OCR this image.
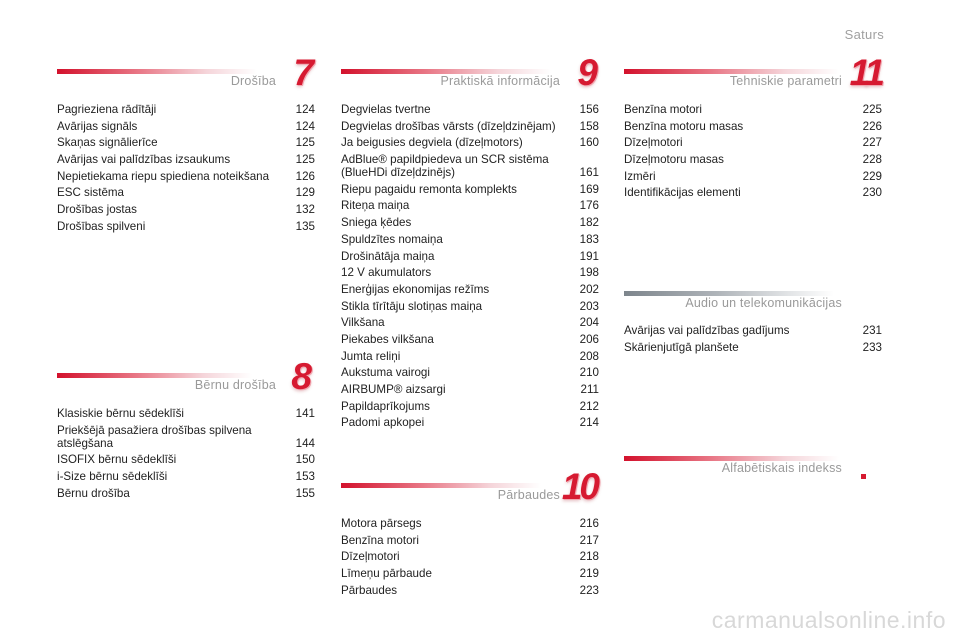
Saturs
Drošība 7
Pagrieziena rādītāji	124
Avārijas signāls	124
Skaņas signālierīce	125
Avārijas vai palīdzības izsaukums	125
Nepietiekama riepu spiediena noteikšana	126
ESC sistēma	129
Drošības jostas	132
Drošības spilveni	135
Bērnu drošība 8
Klasiskie bērnu sēdeklīši	141
Priekšējā pasažiera drošības spilvena atslēgšana	144
ISOFIX bērnu sēdeklīši	150
i-Size bērnu sēdeklīši	153
Bērnu drošība	155
Praktiskā informācija 9
Degvielas tvertne	156
Degvielas drošības vārsts (dīzeļdzinējam)	158
Ja beigusies degviela (dīzeļmotors)	160
AdBlue® papildpiedeva un SCR sistēma (BlueHDi dīzeļdzinējs)	161
Riepu pagaidu remonta komplekts	169
Riteņa maiņa	176
Sniega ķēdes	182
Spuldzītes nomaiņa	183
Drošinātāja maiņa	191
12 V akumulators	198
Enerģijas ekonomijas režīms	202
Stikla tīrītāju slotiņas maiņa	203
Vilkšana	204
Piekabes vilkšana	206
Jumta reliņi	208
Aukstuma vairogi	210
AIRBUMP® aizsargi	211
Papildaprīkojums	212
Padomi apkopei	214
Pārbaudes 10
Motora pārsegs	216
Benzīna motori	217
Dīzeļmotori	218
Līmeņu pārbaude	219
Pārbaudes	223
Tehniskie parametri 11
Benzīna motori	225
Benzīna motoru masas	226
Dīzeļmotori	227
Dīzeļmotoru masas	228
Izmēri	229
Identifikācijas elementi	230
Audio un telekomunikācijas
Avārijas vai palīdzības gadījums	231
Skārienjutīgā planšete	233
Alfabētiskais indekss
carmanualsonline.info
